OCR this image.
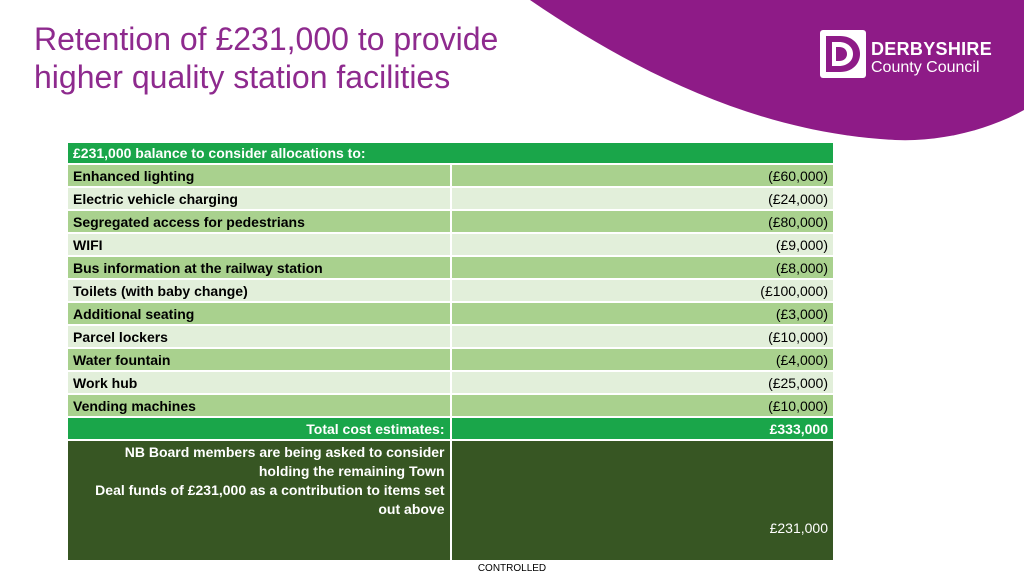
Retention of £231,000 to provide
higher quality station facilities
DERBYSHIRE
County Council
£231,000 balance to consider allocations to:	
Enhanced lighting	(£60,000)
Electric vehicle charging	(£24,000)
Segregated access for pedestrians	(£80,000)
WIFI	(£9,000)
Bus information at the railway station	(£8,000)
Toilets (with baby change)	(£100,000)
Additional seating	(£3,000)
Parcel lockers	(£10,000)
Water fountain	(£4,000)
Work hub	(£25,000)
Vending machines	(£10,000)
Total cost estimates:	£333,000
NB Board members are being asked to consider holding the remaining Town
Deal funds of £231,000 as a contribution to items set out above	£231,000
CONTROLLED
